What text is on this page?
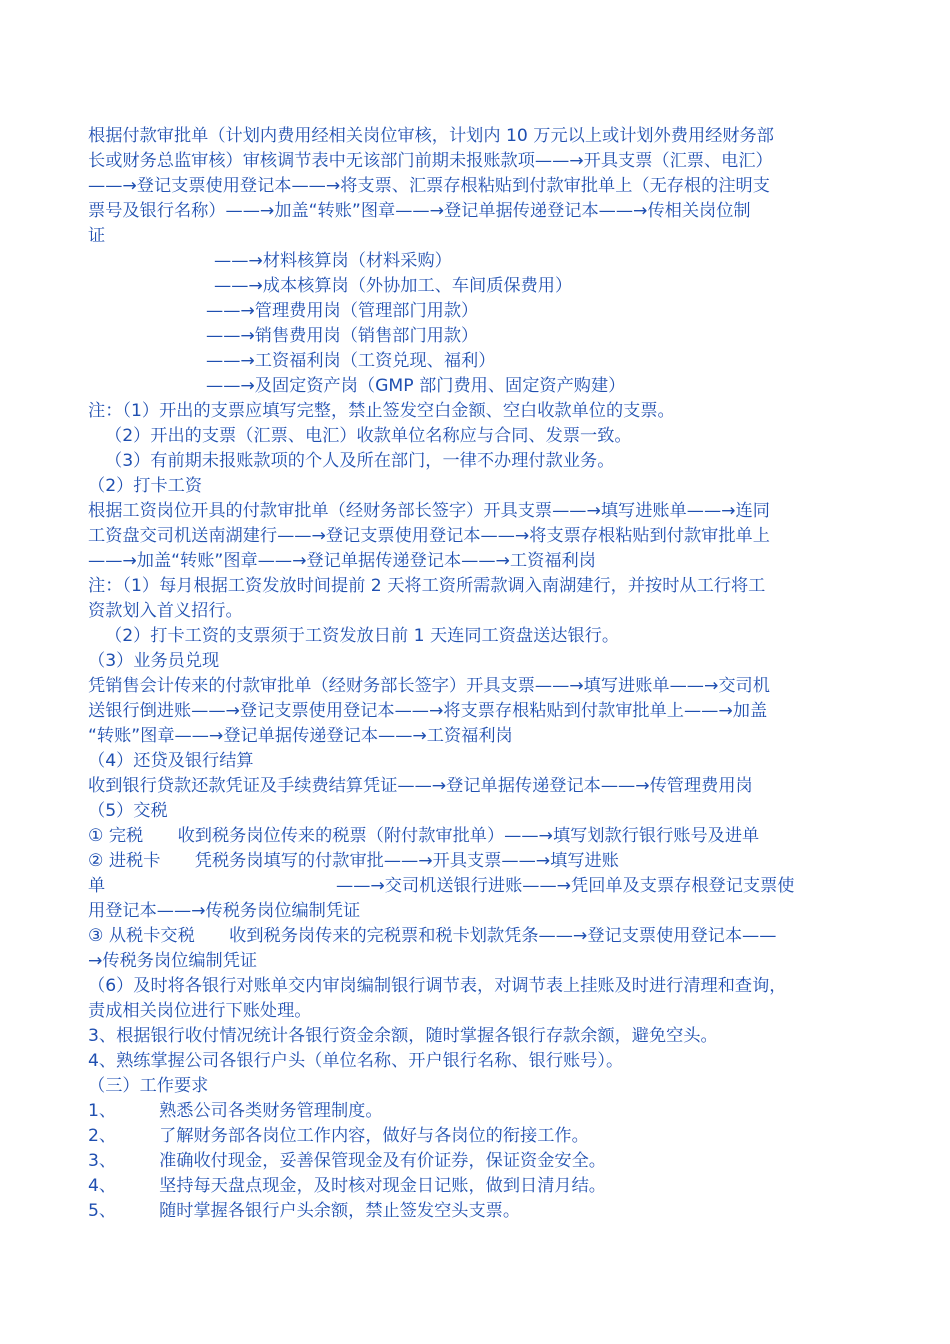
根据付款审批单（计划内费用经相关岗位审核，计划内 10 万元以上或计划外费用经财务部
长或财务总监审核）审核调节表中无该部门前期未报账款项——→开具支票（汇票、电汇）
——→登记支票使用登记本——→将支票、汇票存根粘贴到付款审批单上（无存根的注明支
票号及银行名称）——→加盖“转账”图章——→登记单据传递登记本——→传相关岗位制
证
——→材料核算岗（材料采购）
——→成本核算岗（外协加工、车间质保费用）
——→管理费用岗（管理部门用款）
——→销售费用岗（销售部门用款）
——→工资福利岗（工资兑现、福利）
——→及固定资产岗（GMP 部门费用、固定资产购建）
注：（1）开出的支票应填写完整，禁止签发空白金额、空白收款单位的支票。
（2）开出的支票（汇票、电汇）收款单位名称应与合同、发票一致。
（3）有前期未报账款项的个人及所在部门，一律不办理付款业务。
（2）打卡工资
根据工资岗位开具的付款审批单（经财务部长签字）开具支票——→填写进账单——→连同
工资盘交司机送南湖建行——→登记支票使用登记本——→将支票存根粘贴到付款审批单上
——→加盖“转账”图章——→登记单据传递登记本——→工资福利岗
注：（1）每月根据工资发放时间提前 2 天将工资所需款调入南湖建行，并按时从工行将工
资款划入首义招行。
（2）打卡工资的支票须于工资发放日前 1 天连同工资盘送达银行。
（3）业务员兑现
凭销售会计传来的付款审批单（经财务部长签字）开具支票——→填写进账单——→交司机
送银行倒进账——→登记支票使用登记本——→将支票存根粘贴到付款审批单上——→加盖
“转账”图章——→登记单据传递登记本——→工资福利岗
（4）还贷及银行结算
收到银行贷款还款凭证及手续费结算凭证——→登记单据传递登记本——→传管理费用岗
（5）交税
① 完税　　收到税务岗位传来的税票（附付款审批单）——→填写划款行银行账号及进单
② 进税卡　　凭税务岗填写的付款审批——→开具支票——→填写进账
单	——→交司机送银行进账——→凭回单及支票存根登记支票使
用登记本——→传税务岗位编制凭证
③ 从税卡交税　　收到税务岗传来的完税票和税卡划款凭条——→登记支票使用登记本——
→传税务岗位编制凭证
（6）及时将各银行对账单交内审岗编制银行调节表，对调节表上挂账及时进行清理和查询，
责成相关岗位进行下账处理。
3、根据银行收付情况统计各银行资金余额，随时掌握各银行存款余额，避免空头。
4、熟练掌握公司各银行户头（单位名称、开户银行名称、银行账号）。
（三）工作要求
1、　　　熟悉公司各类财务管理制度。
2、　　　了解财务部各岗位工作内容，做好与各岗位的衔接工作。
3、　　　准确收付现金，妥善保管现金及有价证券，保证资金安全。
4、　　　坚持每天盘点现金，及时核对现金日记账，做到日清月结。
5、　　　随时掌握各银行户头余额，禁止签发空头支票。
